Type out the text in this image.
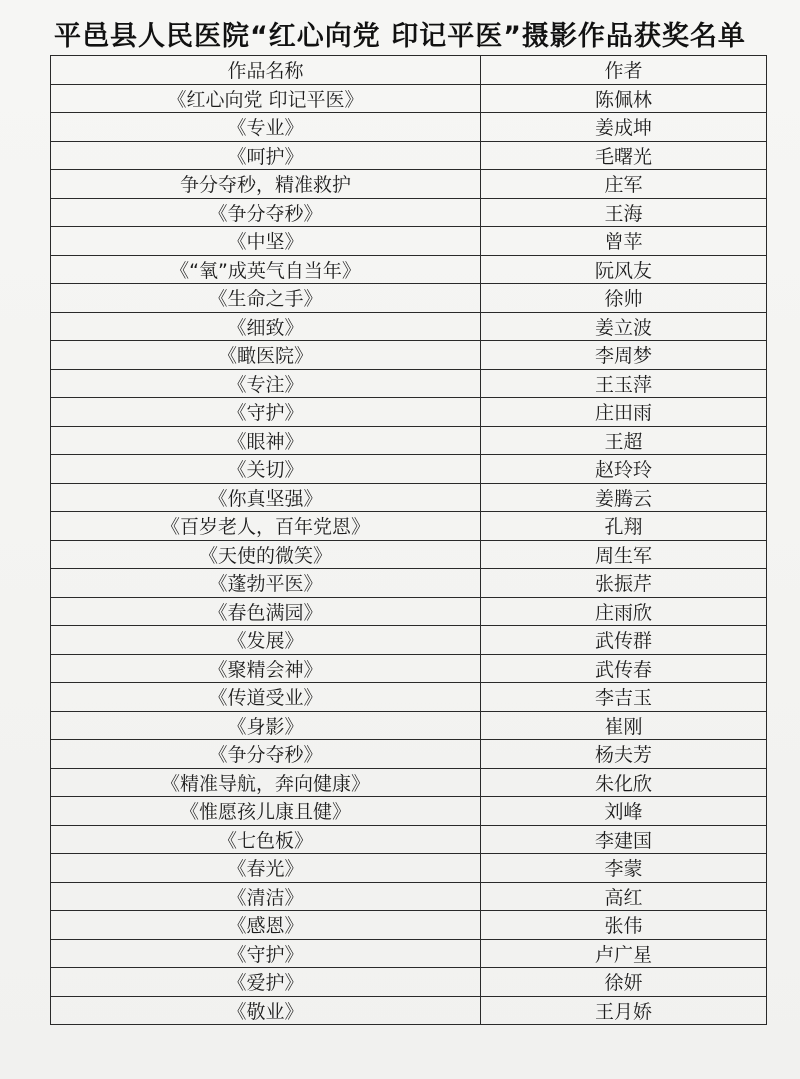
平邑县人民医院“红心向党 印记平医”摄影作品获奖名单
作品名称	作者
《红心向党 印记平医》	陈佩林
《专业》	姜成坤
《呵护》	毛曙光
争分夺秒，精准救护	庄军
《争分夺秒》	王海
《中坚》	曾苹
《“氧”成英气自当年》	阮风友
《生命之手》	徐帅
《细致》	姜立波
《瞰医院》	李周梦
《专注》	王玉萍
《守护》	庄田雨
《眼神》	王超
《关切》	赵玲玲
《你真坚强》	姜腾云
《百岁老人，百年党恩》	孔翔
《天使的微笑》	周生军
《蓬勃平医》	张振芹
《春色满园》	庄雨欣
《发展》	武传群
《聚精会神》	武传春
《传道受业》	李吉玉
《身影》	崔刚
《争分夺秒》	杨夫芳
《精准导航，奔向健康》	朱化欣
《惟愿孩儿康且健》	刘峰
《七色板》	李建国
《春光》	李蒙
《清洁》	高红
《感恩》	张伟
《守护》	卢广星
《爱护》	徐妍
《敬业》	王月娇
